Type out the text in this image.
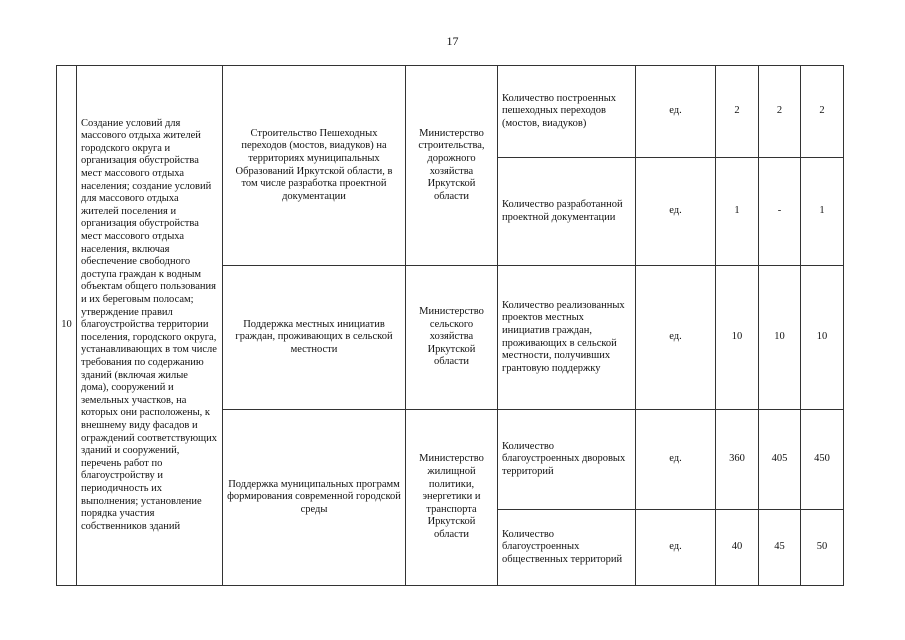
17
10	Создание условий для массового отдыха жителей городского округа и организация обустройства мест массового отдыха населения; создание условий для массового отдыха жителей поселения и организация обустройства мест массового отдыха населения, включая обеспечение свободного доступа граждан к водным объектам общего пользования и их береговым полосам; утверждение правил благоустройства территории поселения, городского округа, устанавливающих в том числе требования по содержанию зданий (включая жилые дома), сооружений и земельных участков, на которых они расположены, к внешнему виду фасадов и ограждений соответствующих зданий и сооружений, перечень работ по благоустройству и периодичность их выполнения; установление порядка участия собственников зданий	Строительство Пешеходных переходов (мостов, виадуков) на территориях муниципальных Образований Иркутской области, в том числе разработка проектной документации	Министерство строительства, дорожного хозяйства Иркутской области	Количество построенных пешеходных переходов (мостов, виадуков)	ед.	2	2	2
				Количество разработанной проектной документации	ед.	1	-	1
		Поддержка местных инициатив граждан, проживающих в сельской местности	Министерство сельского хозяйства Иркутской области	Количество реализованных проектов местных инициатив граждан, проживающих в сельской местности, получивших грантовую поддержку	ед.	10	10	10
		Поддержка муниципальных программ формирования современной городской среды	Министерство жилищной политики, энергетики и транспорта Иркутской области	Количество благоустроенных дворовых территорий	ед.	360	405	450
				Количество благоустроенных общественных территорий	ед.	40	45	50
